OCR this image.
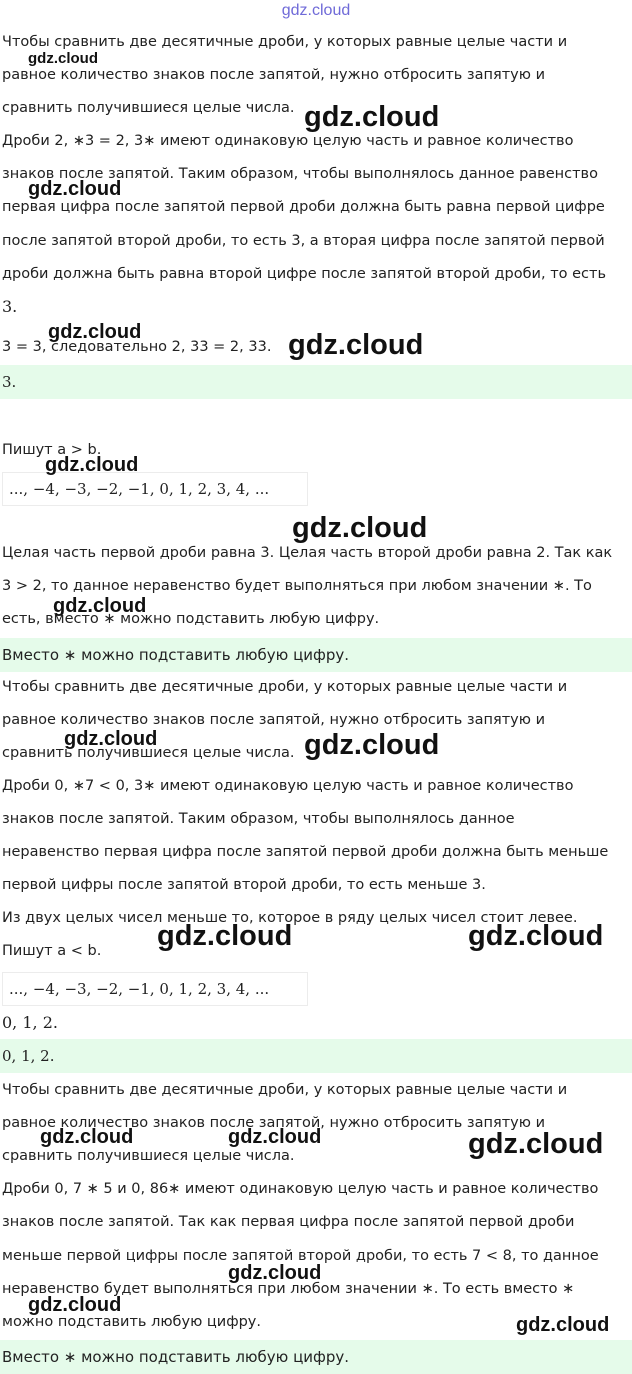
gdz.cloud

Чтобы сравнить две десятичные дроби, у которых равные целые части и

равное количество знаков после запятой, нужно отбросить запятую и

сравнить получившиеся целые числа.

Дроби 2, ∗3 = 2, 3∗ имеют одинаковую целую часть и равное количество

знаков после запятой. Таким образом, чтобы выполнялось данное равенство

первая цифра после запятой первой дроби должна быть равна первой цифре

после запятой второй дроби, то есть 3, а вторая цифра после запятой первой

дроби должна быть равна второй цифре после запятой второй дроби, то есть

3.

3 = 3, следовательно 2, 33 = 2, 33.

3.

Пишут a > b.

..., −4, −3, −2, −1, 0, 1, 2, 3, 4, ...

Целая часть первой дроби равна 3. Целая часть второй дроби равна 2. Так как

3 > 2, то данное неравенство будет выполняться при любом значении ∗. То

есть, вместо ∗ можно подставить любую цифру.

Вместо ∗ можно подставить любую цифру.

Чтобы сравнить две десятичные дроби, у которых равные целые части и

равное количество знаков после запятой, нужно отбросить запятую и

сравнить получившиеся целые числа.

Дроби 0, ∗7 < 0, 3∗ имеют одинаковую целую часть и равное количество

знаков после запятой. Таким образом, чтобы выполнялось данное

неравенство первая цифра после запятой первой дроби должна быть меньше

первой цифры после запятой второй дроби, то есть меньше 3.

Из двух целых чисел меньше то, которое в ряду целых чисел стоит левее.

Пишут a < b.

..., −4, −3, −2, −1, 0, 1, 2, 3, 4, ...

0, 1, 2.

0, 1, 2.

Чтобы сравнить две десятичные дроби, у которых равные целые части и

равное количество знаков после запятой, нужно отбросить запятую и

сравнить получившиеся целые числа.

Дроби 0, 7 ∗ 5 и 0, 86∗ имеют одинаковую целую часть и равное количество

знаков после запятой. Так как первая цифра после запятой первой дроби

меньше первой цифры после запятой второй дроби, то есть 7 < 8, то данное

неравенство будет выполняться при любом значении ∗. То есть вместо ∗

можно подставить любую цифру.

Вместо ∗ можно подставить любую цифру.
gdz.cloud
gdz.cloud
gdz.cloud
gdz.cloud	gdz.cloud
gdz.cloud
gdz.cloud
gdz.cloud
gdz.cloud	gdz.cloud
gdz.cloud	gdz.cloud
gdz.cloud	gdz.cloud	gdz.cloud
gdz.cloud
gdz.cloud
gdz.cloud
